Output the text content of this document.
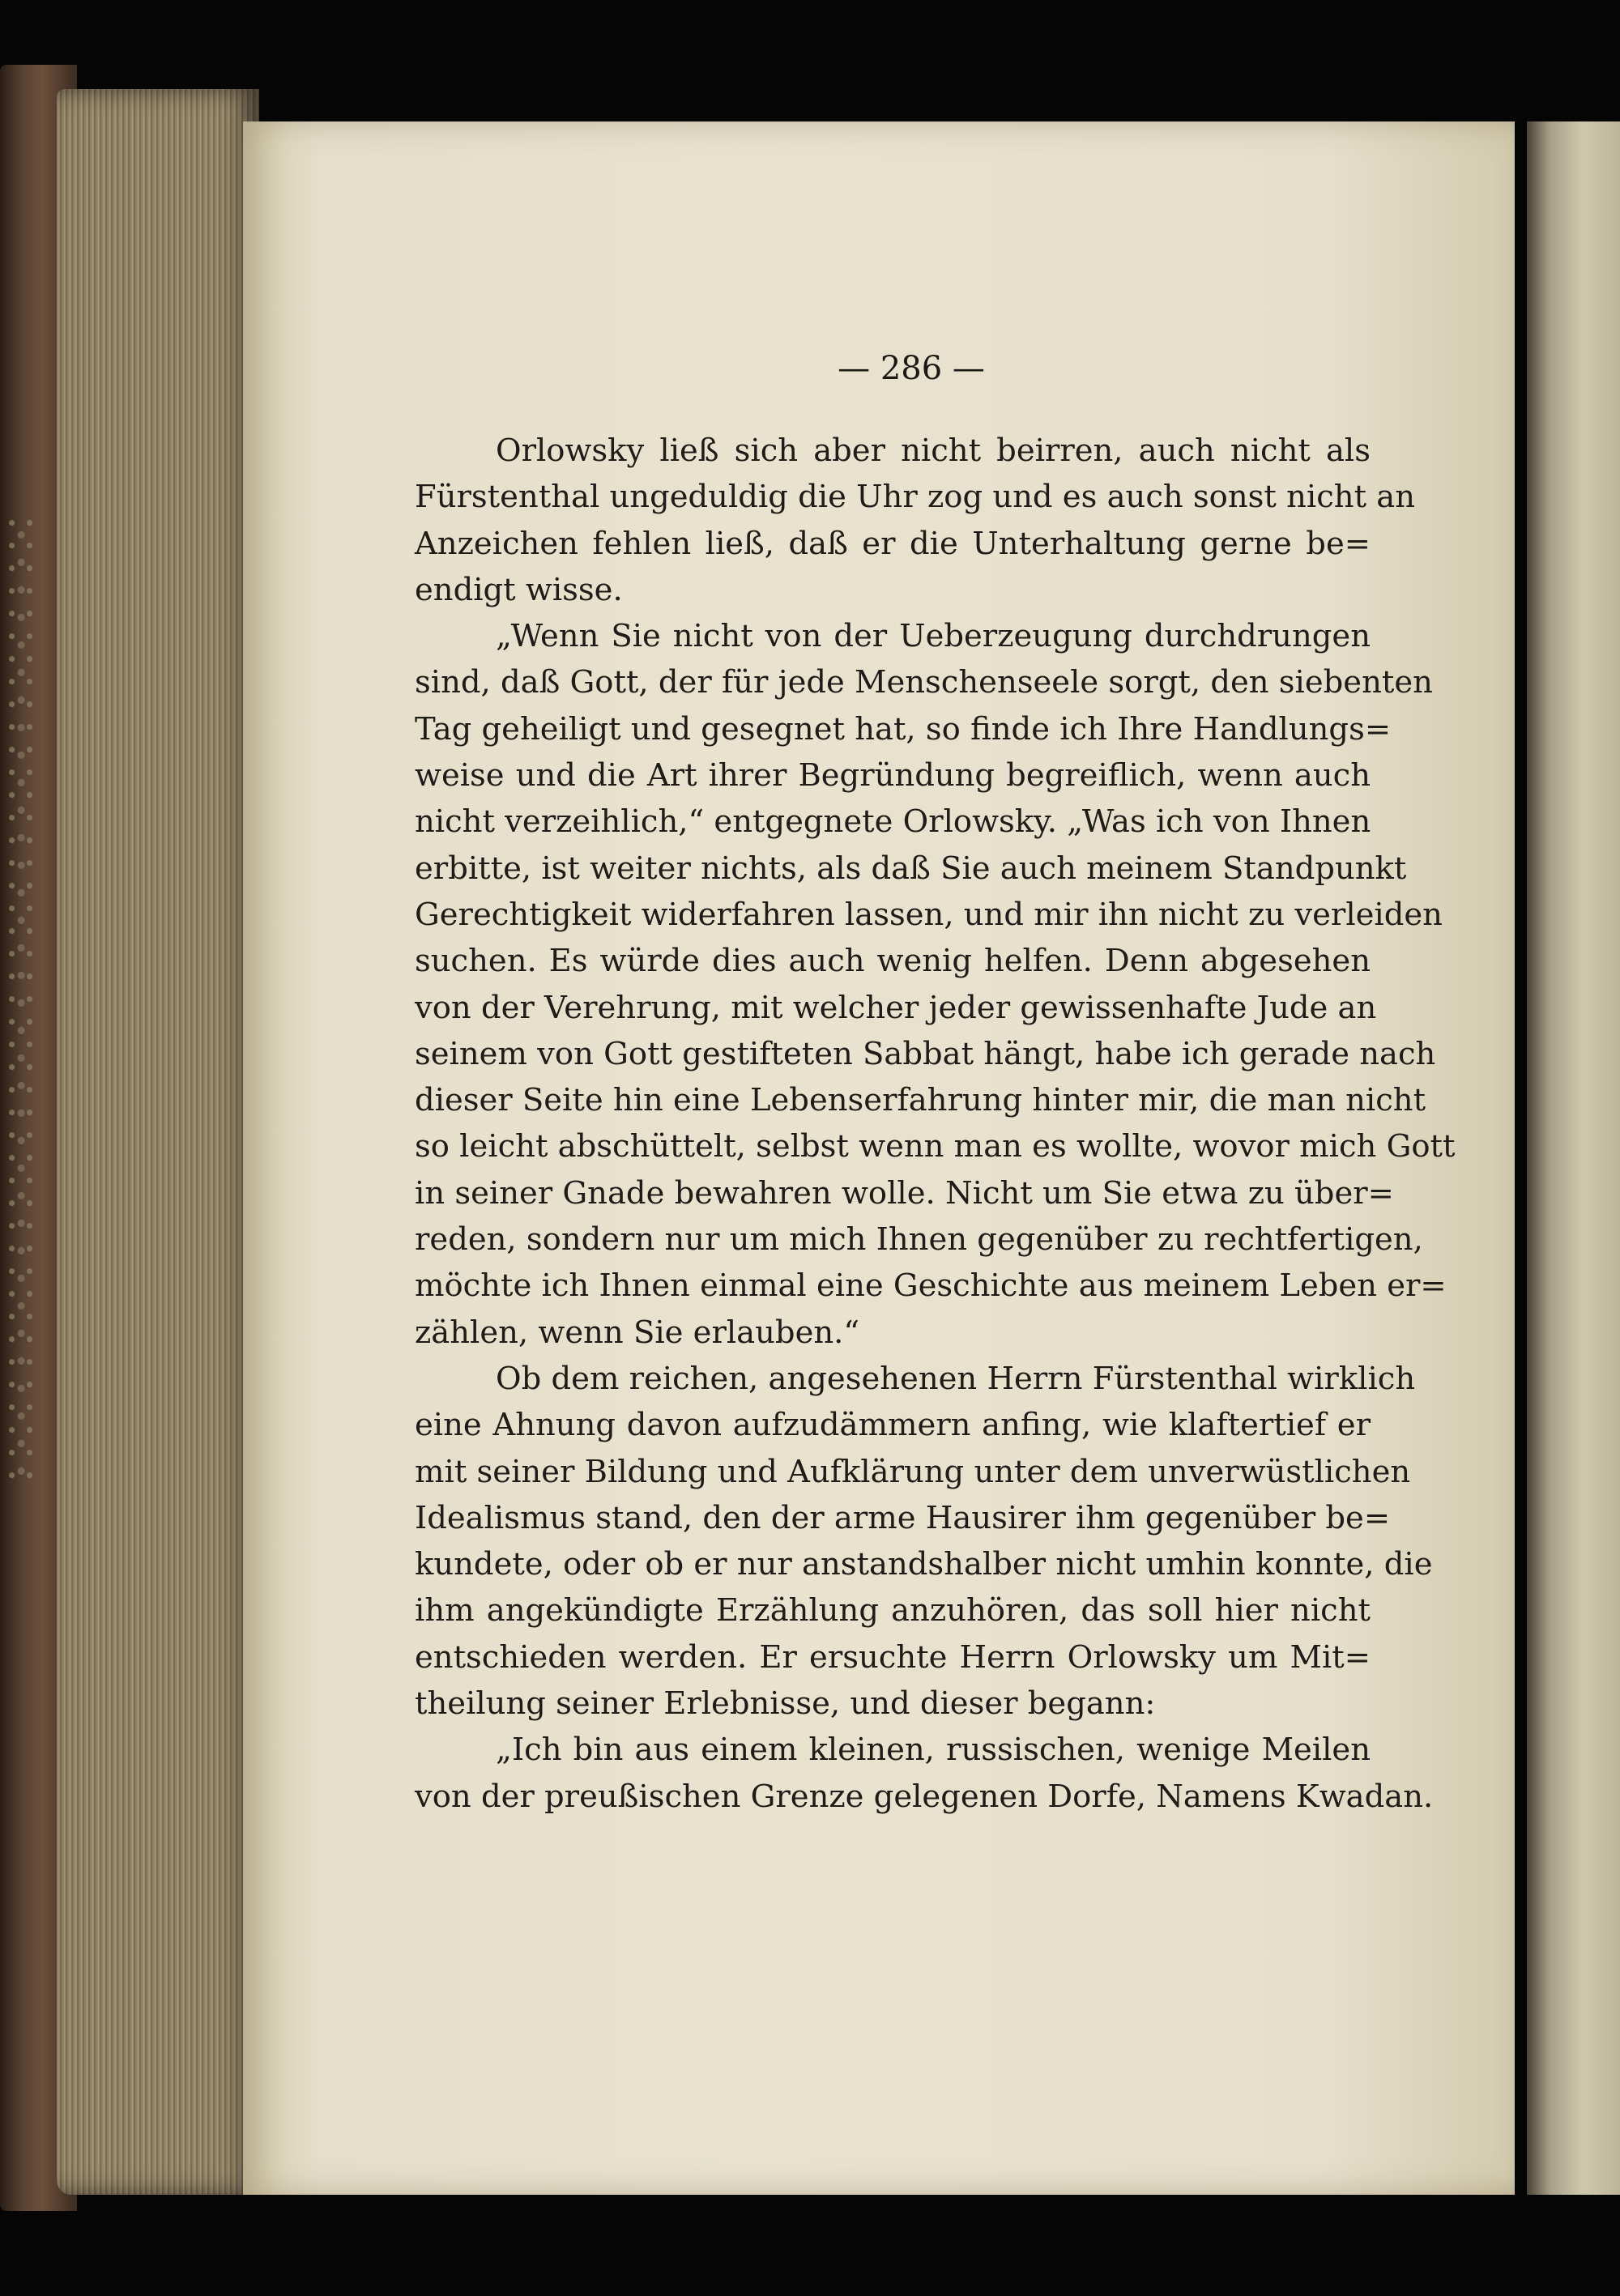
— 286 —
Orlowsky ließ sich aber nicht beirren, auch nicht als
Fürstenthal ungeduldig die Uhr zog und es auch sonst nicht an
Anzeichen fehlen ließ, daß er die Unterhaltung gerne be=
endigt wisse.
„Wenn Sie nicht von der Ueberzeugung durchdrungen
sind, daß Gott, der für jede Menschenseele sorgt, den siebenten
Tag geheiligt und gesegnet hat, so finde ich Ihre Handlungs=
weise und die Art ihrer Begründung begreiflich, wenn auch
nicht verzeihlich,“ entgegnete Orlowsky. „Was ich von Ihnen
erbitte, ist weiter nichts, als daß Sie auch meinem Standpunkt
Gerechtigkeit widerfahren lassen, und mir ihn nicht zu verleiden
suchen. Es würde dies auch wenig helfen. Denn abgesehen
von der Verehrung, mit welcher jeder gewissenhafte Jude an
seinem von Gott gestifteten Sabbat hängt, habe ich gerade nach
dieser Seite hin eine Lebenserfahrung hinter mir, die man nicht
so leicht abschüttelt, selbst wenn man es wollte, wovor mich Gott
in seiner Gnade bewahren wolle. Nicht um Sie etwa zu über=
reden, sondern nur um mich Ihnen gegenüber zu rechtfertigen,
möchte ich Ihnen einmal eine Geschichte aus meinem Leben er=
zählen, wenn Sie erlauben.“
Ob dem reichen, angesehenen Herrn Fürstenthal wirklich
eine Ahnung davon aufzudämmern anfing, wie klaftertief er
mit seiner Bildung und Aufklärung unter dem unverwüstlichen
Idealismus stand, den der arme Hausirer ihm gegenüber be=
kundete, oder ob er nur anstandshalber nicht umhin konnte, die
ihm angekündigte Erzählung anzuhören, das soll hier nicht
entschieden werden. Er ersuchte Herrn Orlowsky um Mit=
theilung seiner Erlebnisse, und dieser begann:
„Ich bin aus einem kleinen, russischen, wenige Meilen
von der preußischen Grenze gelegenen Dorfe, Namens Kwadan.
